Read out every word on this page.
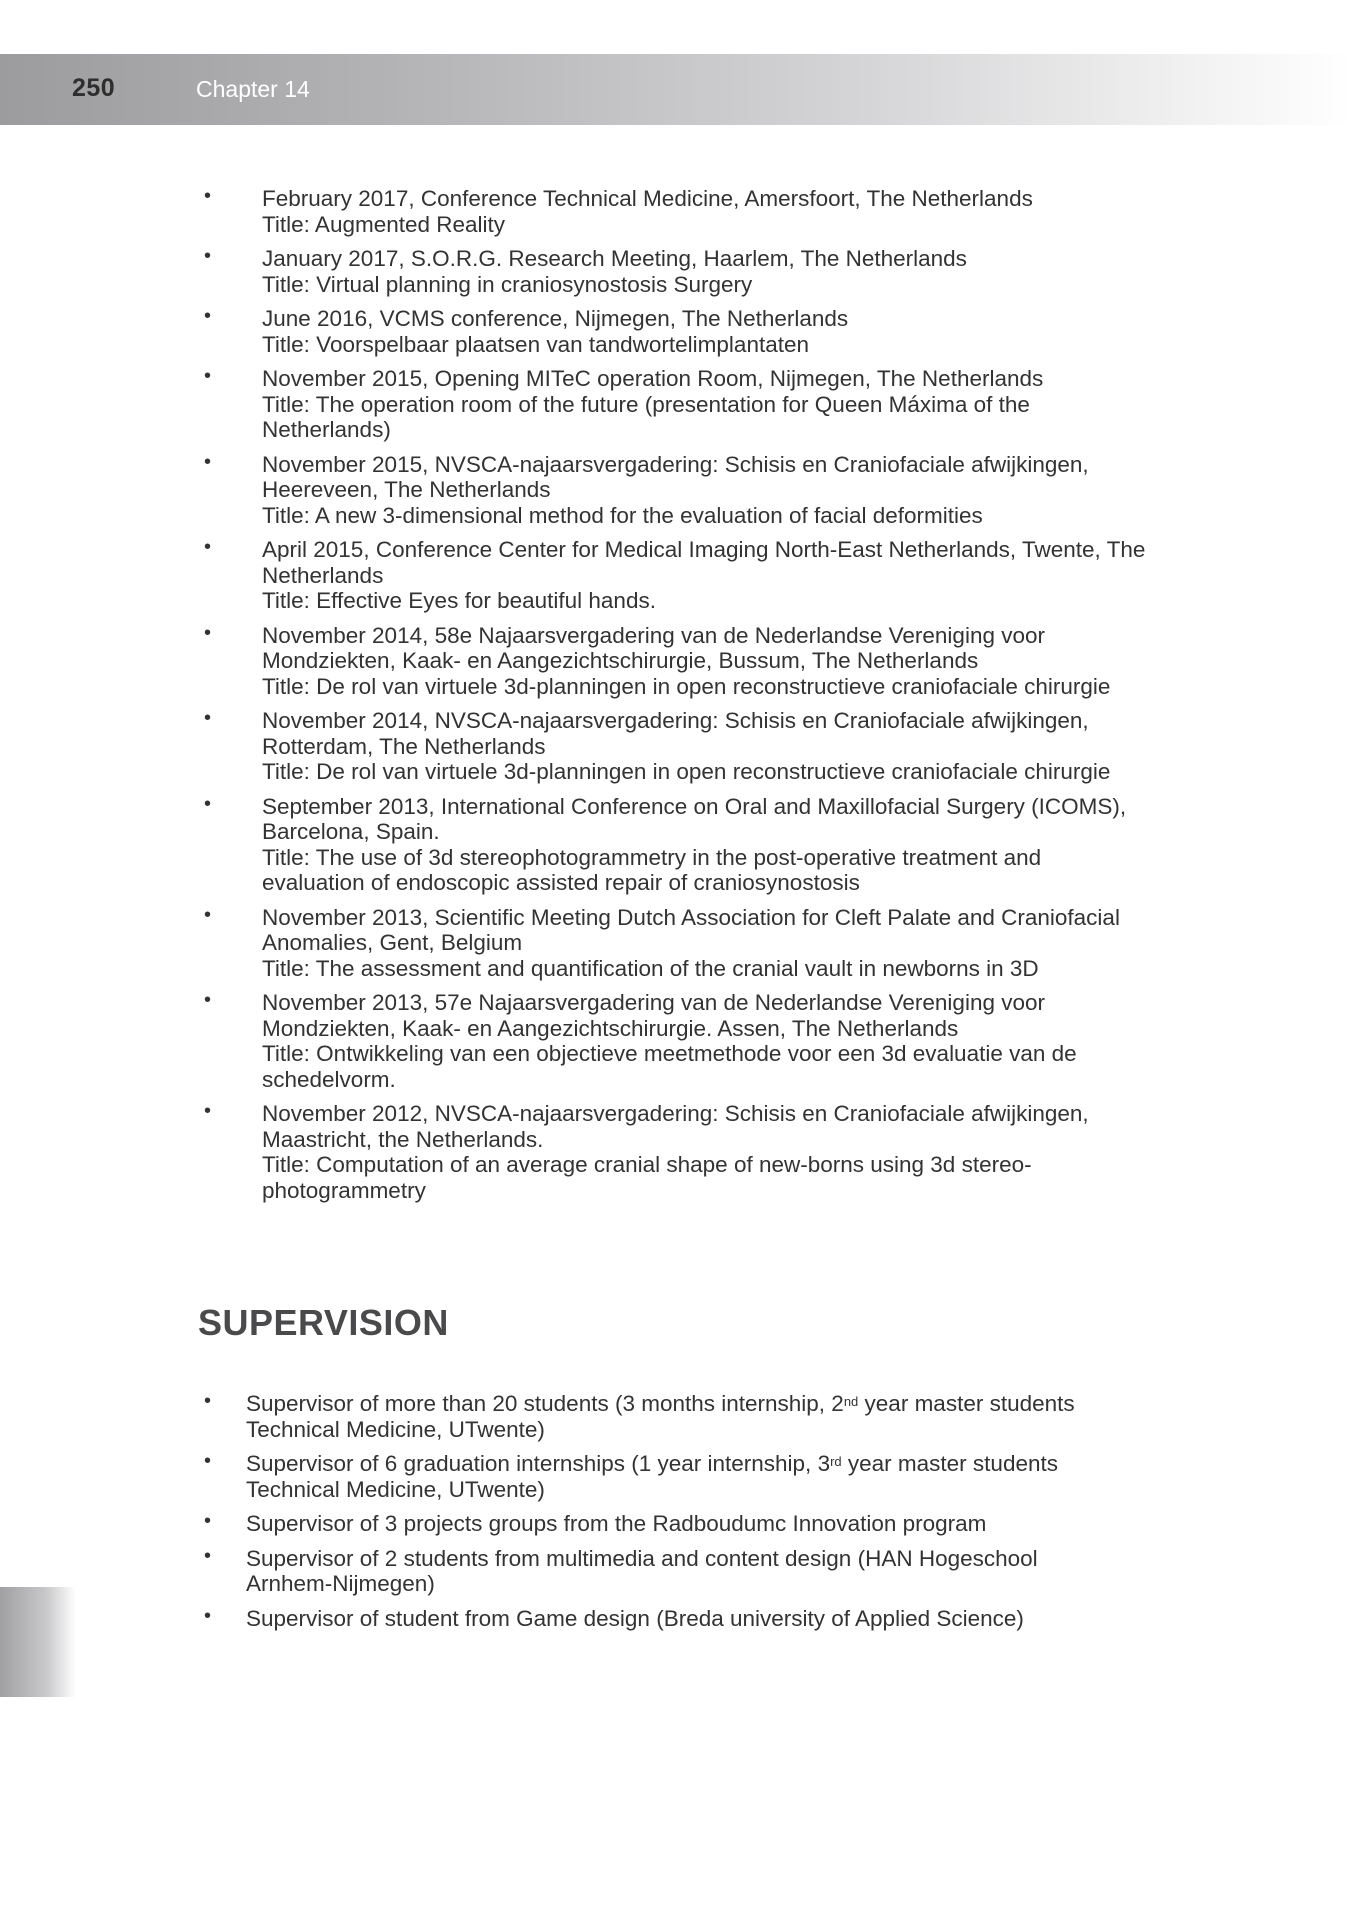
250	Chapter 14
• February 2017, Conference Technical Medicine, Amersfoort, The Netherlands
Title: Augmented Reality
• January 2017, S.O.R.G. Research Meeting, Haarlem, The Netherlands
Title: Virtual planning in craniosynostosis Surgery
• June 2016, VCMS conference, Nijmegen, The Netherlands
Title: Voorspelbaar plaatsen van tandwortelimplantaten
• November 2015, Opening MITeC operation Room, Nijmegen, The Netherlands
Title: The operation room of the future (presentation for Queen Máxima of the
Netherlands)
• November 2015, NVSCA-najaarsvergadering: Schisis en Craniofaciale afwijkingen,
Heereveen, The Netherlands
Title: A new 3-dimensional method for the evaluation of facial deformities
• April 2015, Conference Center for Medical Imaging North-East Netherlands, Twente, The
Netherlands
Title: Effective Eyes for beautiful hands.
• November 2014, 58e Najaarsvergadering van de Nederlandse Vereniging voor
Mondziekten, Kaak- en Aangezichtschirurgie, Bussum, The Netherlands
Title: De rol van virtuele 3d-planningen in open reconstructieve craniofaciale chirurgie
• November 2014, NVSCA-najaarsvergadering: Schisis en Craniofaciale afwijkingen,
Rotterdam, The Netherlands
Title: De rol van virtuele 3d-planningen in open reconstructieve craniofaciale chirurgie
• September 2013, International Conference on Oral and Maxillofacial Surgery (ICOMS),
Barcelona, Spain.
Title: The use of 3d stereophotogrammetry in the post-operative treatment and
evaluation of endoscopic assisted repair of craniosynostosis
• November 2013, Scientific Meeting Dutch Association for Cleft Palate and Craniofacial
Anomalies, Gent, Belgium
Title: The assessment and quantification of the cranial vault in newborns in 3D
• November 2013, 57e Najaarsvergadering van de Nederlandse Vereniging voor
Mondziekten, Kaak- en Aangezichtschirurgie. Assen, The Netherlands
Title: Ontwikkeling van een objectieve meetmethode voor een 3d evaluatie van de
schedelvorm.
• November 2012, NVSCA-najaarsvergadering: Schisis en Craniofaciale afwijkingen,
Maastricht, the Netherlands.
Title: Computation of an average cranial shape of new-borns using 3d stereo-
photogrammetry
SUPERVISION
• Supervisor of more than 20 students (3 months internship, 2nd year master students
Technical Medicine, UTwente)
• Supervisor of 6 graduation internships (1 year internship, 3rd year master students
Technical Medicine, UTwente)
• Supervisor of 3 projects groups from the Radboudumc Innovation program
• Supervisor of 2 students from multimedia and content design (HAN Hogeschool
Arnhem-Nijmegen)
• Supervisor of student from Game design (Breda university of Applied Science)
